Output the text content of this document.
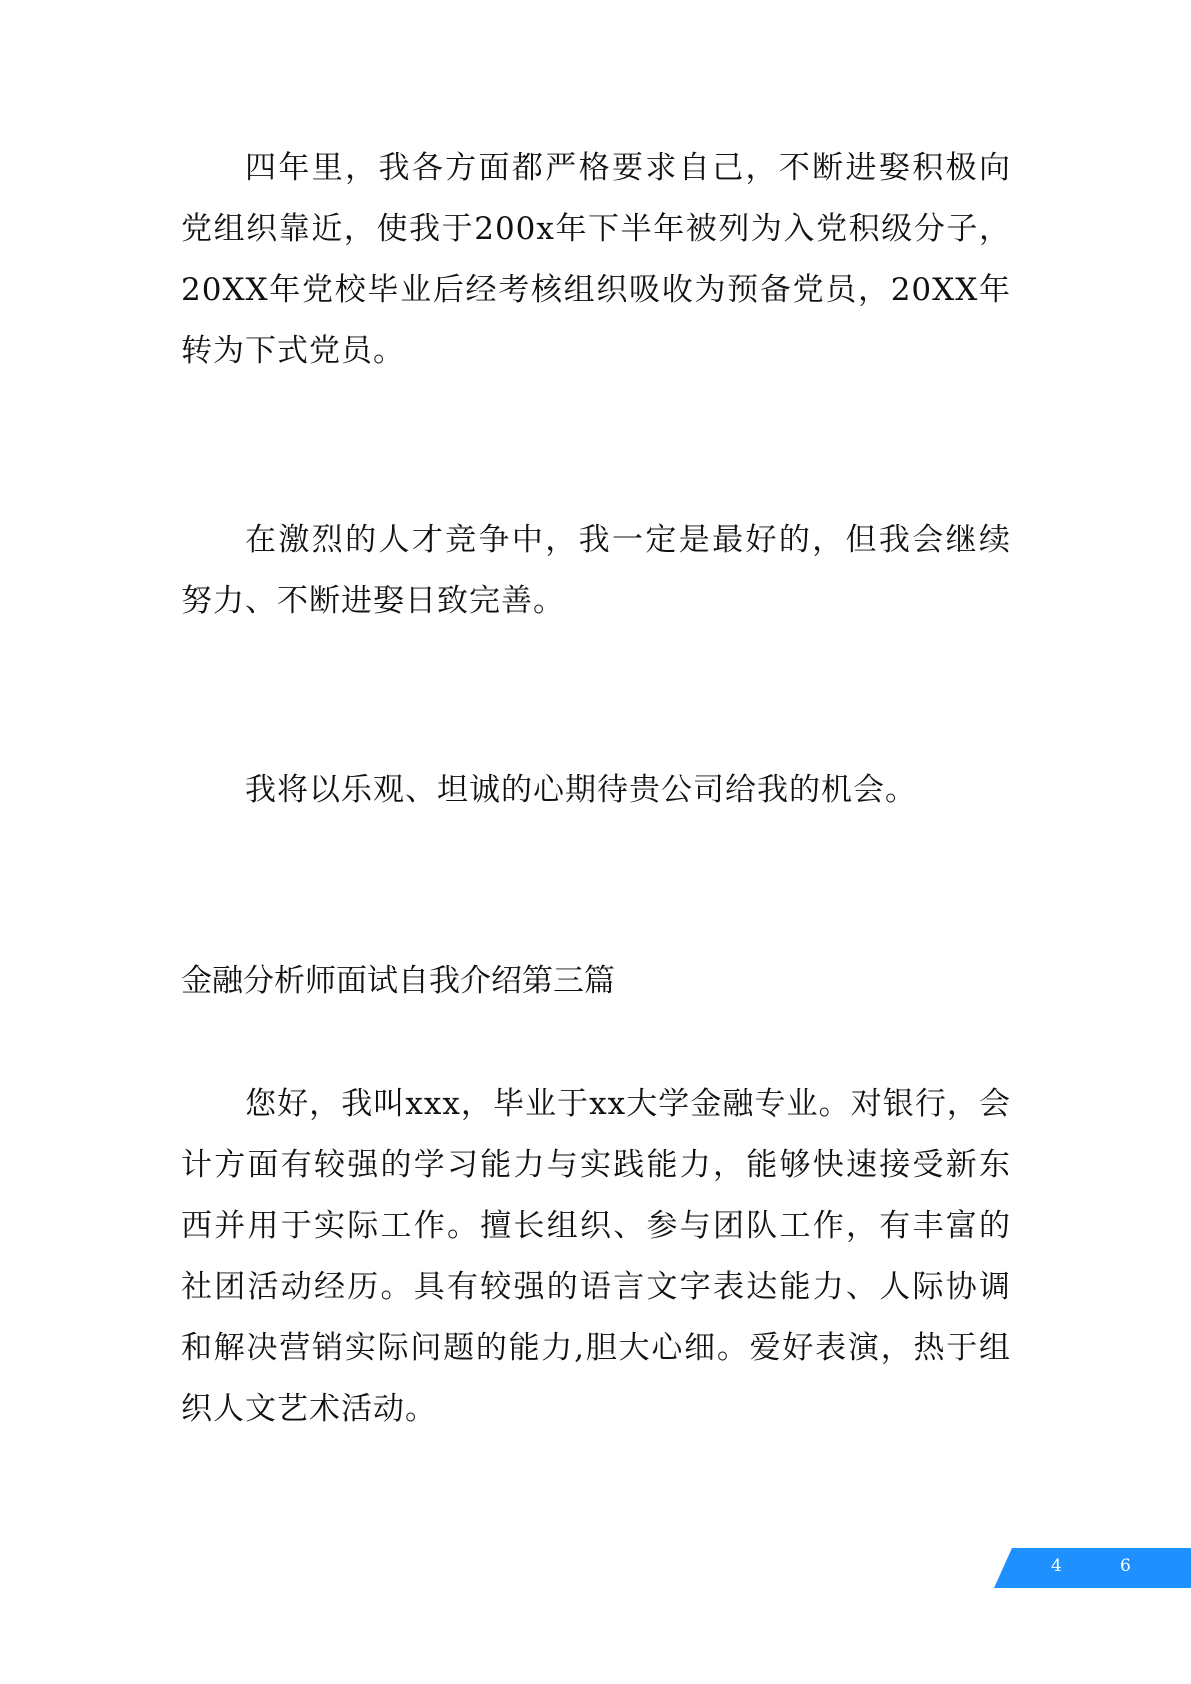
四年里，我各方面都严格要求自己，不断进娶积极向党组织靠近，使我于200x年下半年被列为入党积级分子，20XX年党校毕业后经考核组织吸收为预备党员，20XX年转为下式党员。

在激烈的人才竞争中，我一定是最好的，但我会继续努力、不断进娶日致完善。

我将以乐观、坦诚的心期待贵公司给我的机会。

金融分析师面试自我介绍第三篇

您好，我叫xxx，毕业于xx大学金融专业。对银行，会计方面有较强的学习能力与实践能力，能够快速接受新东西并用于实际工作。擅长组织、参与团队工作，有丰富的社团活动经历。具有较强的语言文字表达能力、人际协调和解决营销实际问题的能力,胆大心细。爱好表演，热于组织人文艺术活动。

4	6
